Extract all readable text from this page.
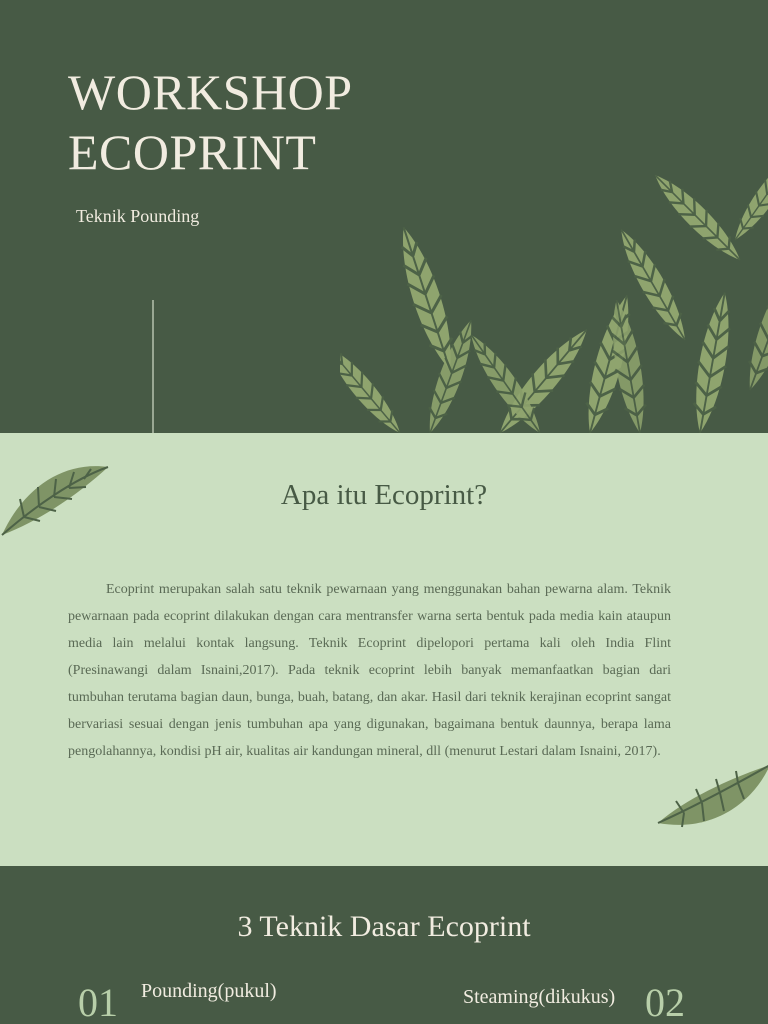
WORKSHOP
ECOPRINT
Teknik Pounding
Apa itu Ecoprint?

Ecoprint merupakan salah satu teknik pewarnaan yang menggunakan bahan pewarna alam. Teknik pewarnaan pada ecoprint dilakukan dengan cara mentransfer warna serta bentuk pada media kain ataupun media lain melalui kontak langsung. Teknik Ecoprint dipelopori pertama kali oleh India Flint (Presinawangi dalam Isnaini,2017). Pada teknik ecoprint lebih banyak memanfaatkan bagian dari tumbuhan terutama bagian daun, bunga, buah, batang, dan akar. Hasil dari teknik kerajinan ecoprint sangat bervariasi sesuai dengan jenis tumbuhan apa yang digunakan, bagaimana bentuk daunnya, berapa lama pengolahannya, kondisi pH air, kualitas air kandungan mineral, dll (menurut Lestari dalam Isnaini, 2017).

3 Teknik Dasar Ecoprint
01 Pounding(pukul)	Steaming(dikukus) 02
